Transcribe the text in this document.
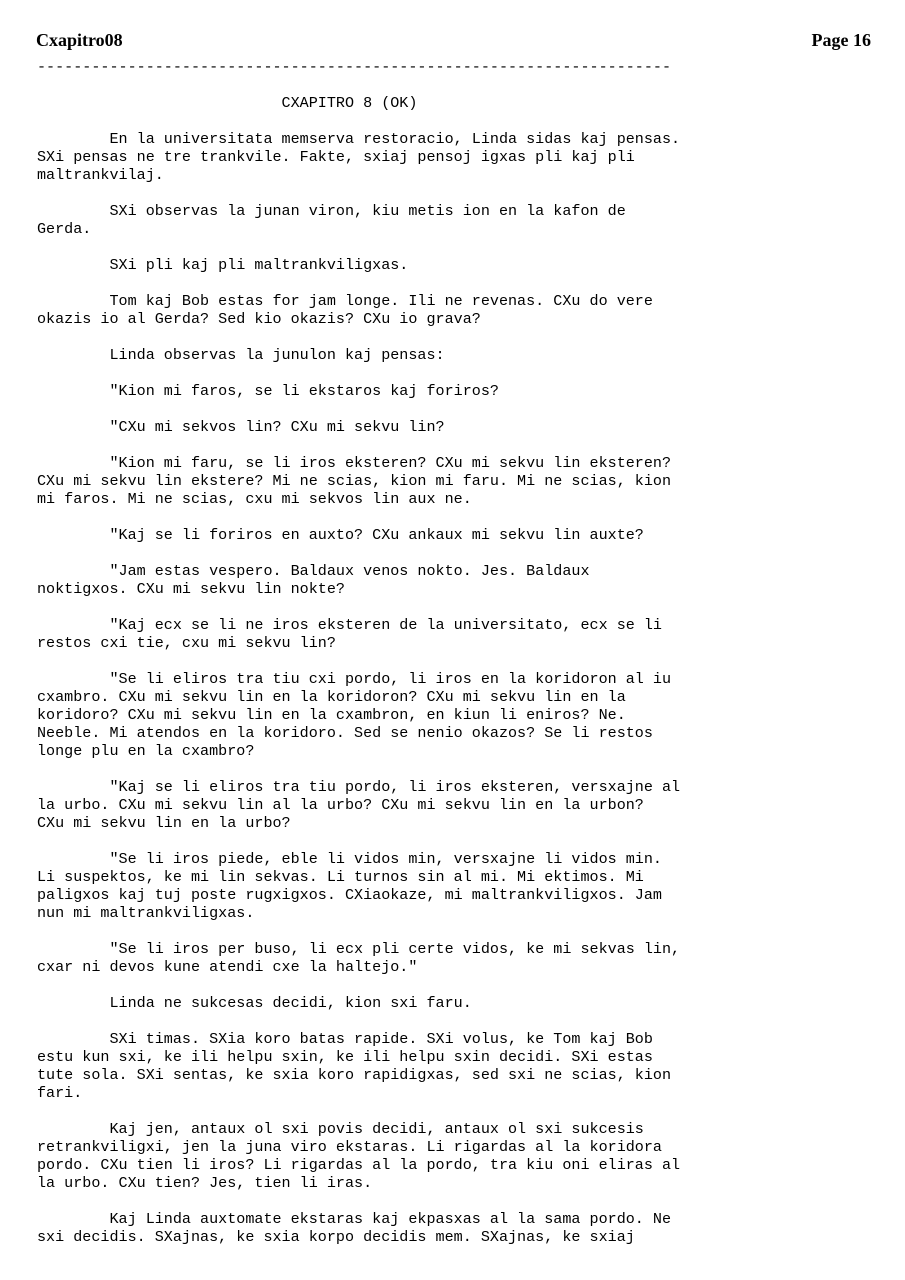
Cxapitro08	Page 16
----------------------------------------------------------------------

CXAPITRO 8 (OK)

En la universitata memserva restoracio, Linda sidas kaj pensas.
SXi pensas ne tre trankvile. Fakte, sxiaj pensoj igxas pli kaj pli
maltrankvilaj.

SXi observas la junan viron, kiu metis ion en la kafon de
Gerda.

SXi pli kaj pli maltrankviligxas.

Tom kaj Bob estas for jam longe. Ili ne revenas. CXu do vere
okazis io al Gerda? Sed kio okazis? CXu io grava?

Linda observas la junulon kaj pensas:

"Kion mi faros, se li ekstaros kaj foriros?

"CXu mi sekvos lin? CXu mi sekvu lin?

"Kion mi faru, se li iros eksteren? CXu mi sekvu lin eksteren?
CXu mi sekvu lin ekstere? Mi ne scias, kion mi faru. Mi ne scias, kion
mi faros. Mi ne scias, cxu mi sekvos lin aux ne.

"Kaj se li foriros en auxto? CXu ankaux mi sekvu lin auxte?

"Jam estas vespero. Baldaux venos nokto. Jes. Baldaux
noktigxos. CXu mi sekvu lin nokte?

"Kaj ecx se li ne iros eksteren de la universitato, ecx se li
restos cxi tie, cxu mi sekvu lin?

"Se li eliros tra tiu cxi pordo, li iros en la koridoron al iu
cxambro. CXu mi sekvu lin en la koridoron? CXu mi sekvu lin en la
koridoro? CXu mi sekvu lin en la cxambron, en kiun li eniros? Ne.
Neeble. Mi atendos en la koridoro. Sed se nenio okazos? Se li restos
longe plu en la cxambro?

"Kaj se li eliros tra tiu pordo, li iros eksteren, versxajne al
la urbo. CXu mi sekvu lin al la urbo? CXu mi sekvu lin en la urbon?
CXu mi sekvu lin en la urbo?

"Se li iros piede, eble li vidos min, versxajne li vidos min.
Li suspektos, ke mi lin sekvas. Li turnos sin al mi. Mi ektimos. Mi
paligxos kaj tuj poste rugxigxos. CXiaokaze, mi maltrankviligxos. Jam
nun mi maltrankviligxas.

"Se li iros per buso, li ecx pli certe vidos, ke mi sekvas lin,
cxar ni devos kune atendi cxe la haltejo."

Linda ne sukcesas decidi, kion sxi faru.

SXi timas. SXia koro batas rapide. SXi volus, ke Tom kaj Bob
estu kun sxi, ke ili helpu sxin, ke ili helpu sxin decidi. SXi estas
tute sola. SXi sentas, ke sxia koro rapidigxas, sed sxi ne scias, kion
fari.

Kaj jen, antaux ol sxi povis decidi, antaux ol sxi sukcesis
retrankviligxi, jen la juna viro ekstaras. Li rigardas al la koridora
pordo. CXu tien li iros? Li rigardas al la pordo, tra kiu oni eliras al
la urbo. CXu tien? Jes, tien li iras.

Kaj Linda auxtomate ekstaras kaj ekpasxas al la sama pordo. Ne
sxi decidis. SXajnas, ke sxia korpo decidis mem. SXajnas, ke sxiaj
